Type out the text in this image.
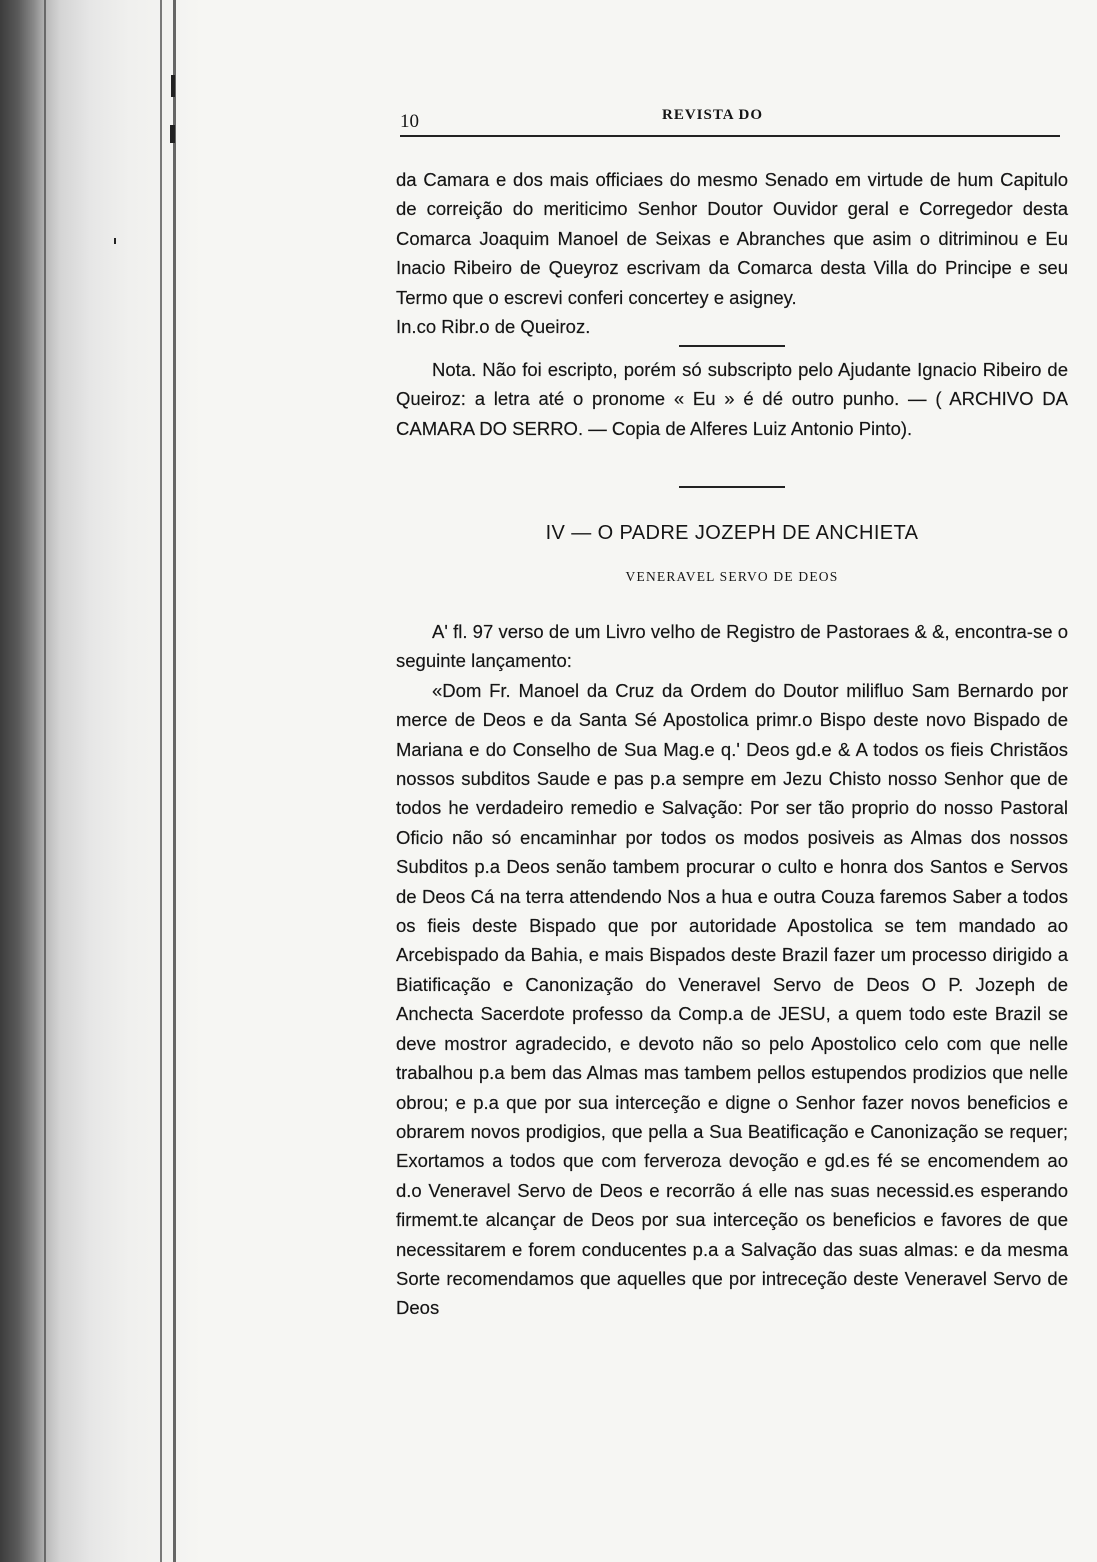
10	REVISTA DO

da Camara e dos mais officiaes do mesmo Senado em virtude de hum Capitulo de correição do meriticimo Senhor Doutor Ouvidor geral e Corregedor desta Comarca Joaquim Manoel de Seixas e Abranches que asim o ditriminou e Eu Inacio Ribeiro de Queyroz escrivam da Comarca desta Villa do Principe e seu Termo que o escrevi conferi concertey e asigney.

In.co Ribr.o de Queiroz.

Nota. Não foi escripto, porém só subscripto pelo Ajudante Ignacio Ribeiro de Queiroz: a letra até o pronome « Eu » é dé outro punho. — ( ARCHIVO DA CAMARA DO SERRO. — Copia de Alferes Luiz Antonio Pinto).

IV — O PADRE JOZEPH DE ANCHIETA
VENERAVEL SERVO DE DEOS

A' fl. 97 verso de um Livro velho de Registro de Pastoraes & &, encontra-se o seguinte lançamento:

«Dom Fr. Manoel da Cruz da Ordem do Doutor milifluo Sam Bernardo por merce de Deos e da Santa Sé Apostolica primr.o Bispo deste novo Bispado de Mariana e do Conselho de Sua Mag.e q.' Deos gd.e & A todos os fieis Christãos nossos subditos Saude e pas p.a sempre em Jezu Chisto nosso Senhor que de todos he verdadeiro remedio e Salvação: Por ser tão proprio do nosso Pastoral Oficio não só encaminhar por todos os modos posiveis as Almas dos nossos Subditos p.a Deos senão tambem procurar o culto e honra dos Santos e Servos de Deos Cá na terra attendendo Nos a hua e outra Couza faremos Saber a todos os fieis deste Bispado que por autoridade Apostolica se tem mandado ao Arcebispado da Bahia, e mais Bispados deste Brazil fazer um processo dirigido a Biatificação e Canonização do Veneravel Servo de Deos O P. Jozeph de Anchecta Sacerdote professo da Comp.a de JESU, a quem todo este Brazil se deve mostror agradecido, e devoto não so pelo Apostolico celo com que nelle trabalhou p.a bem das Almas mas tambem pellos estupendos prodizios que nelle obrou; e p.a que por sua interceção e digne o Senhor fazer novos beneficios e obrarem novos prodigios, que pella a Sua Beatificação e Canonização se requer; Exortamos a todos que com ferveroza devoção e gd.es fé se encomendem ao d.o Veneravel Servo de Deos e recorrão á elle nas suas necessid.es esperando firmemt.te alcançar de Deos por sua interceção os beneficios e favores de que necessitarem e forem conducentes p.a a Salvação das suas almas: e da mesma Sorte recomendamos que aquelles que por intreceção deste Veneravel Servo de Deos
